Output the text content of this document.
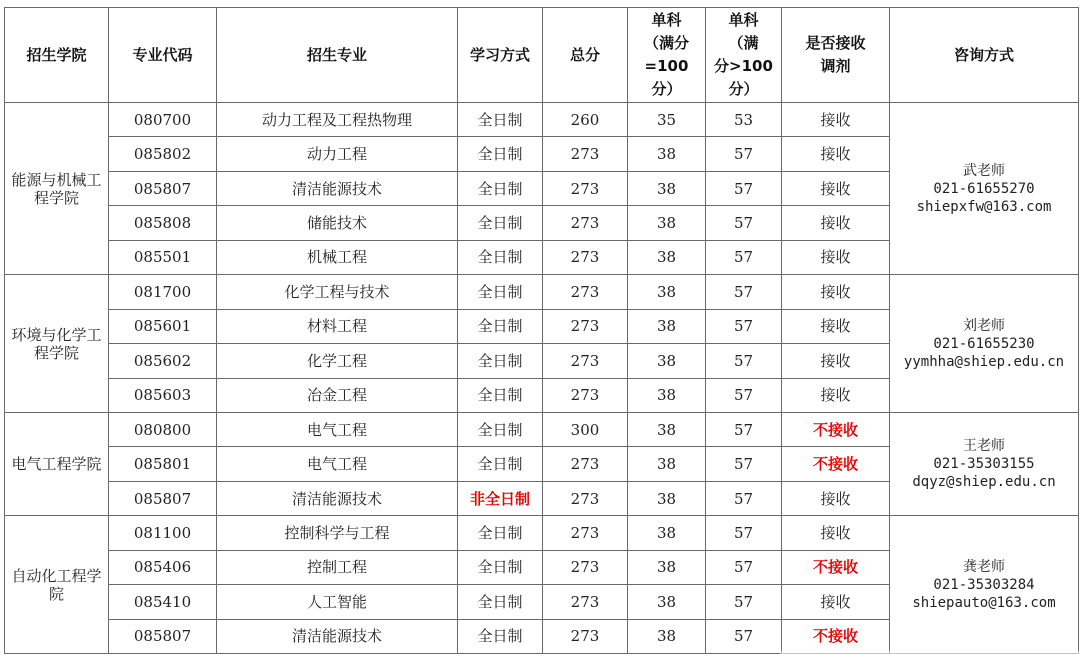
招生学院	专业代码	招生专业	学习方式	总分	单科
（满分
=100
分）	单科
（满
分>100
分）	是否接收
调剂	咨询方式

能源与机械工程学院	080700	动力工程及工程热物理	全日制	260	35	53	接收	武老师
021-61655270
shiepxfw@163.com

	085802	动力工程	全日制	273	38	57	接收	
	085807	清洁能源技术	全日制	273	38	57	接收	
	085808	储能技术	全日制	273	38	57	接收	
	085501	机械工程	全日制	273	38	57	接收	
环境与化学工程学院	081700	化学工程与技术	全日制	273	38	57	接收	刘老师
021-61655230
yymhha@shiep.edu.cn

	085601	材料工程	全日制	273	38	57	接收	
	085602	化学工程	全日制	273	38	57	接收	
	085603	冶金工程	全日制	273	38	57	接收	
电气工程学院	080800	电气工程	全日制	300	38	57	不接收	王老师
021-35303155
dqyz@shiep.edu.cn

	085801	电气工程	全日制	273	38	57	不接收	
	085807	清洁能源技术	非全日制	273	38	57	接收	
自动化工程学院	081100	控制科学与工程	全日制	273	38	57	接收	龚老师
021-35303284
shiepauto@163.com

	085406	控制工程	全日制	273	38	57	不接收	
	085410	人工智能	全日制	273	38	57	接收	
	085807	清洁能源技术	全日制	273	38	57	不接收	
